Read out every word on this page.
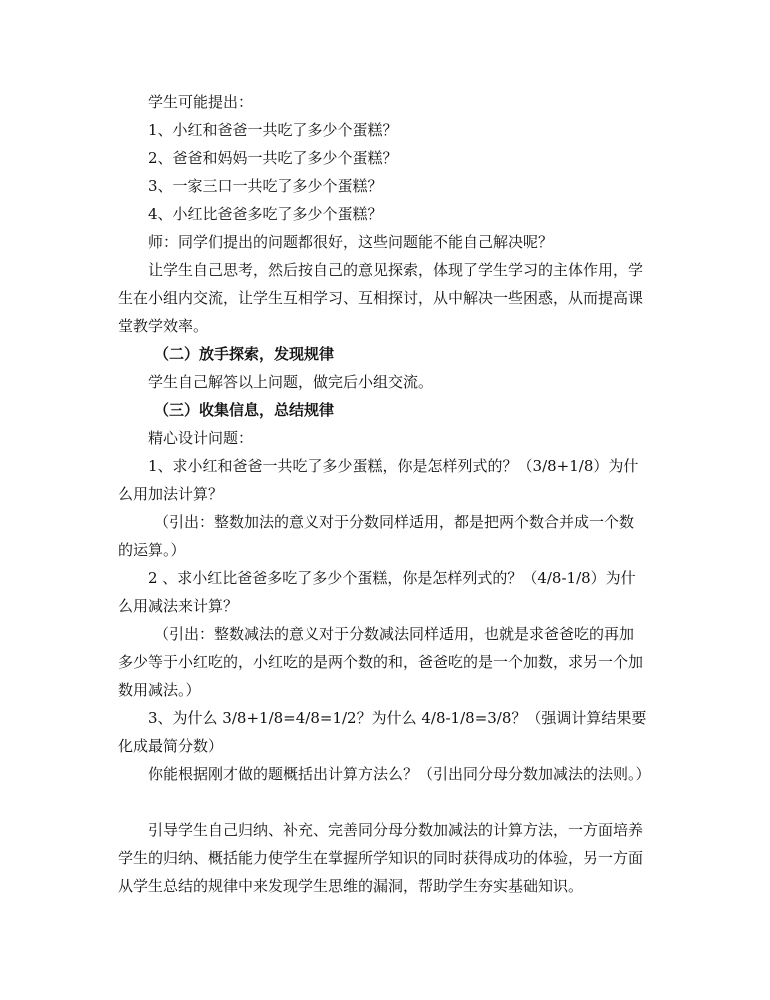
学生可能提出：

1、小红和爸爸一共吃了多少个蛋糕？

2、爸爸和妈妈一共吃了多少个蛋糕？

3、一家三口一共吃了多少个蛋糕？

4、小红比爸爸多吃了多少个蛋糕？

师：同学们提出的问题都很好，这些问题能不能自己解决呢？

让学生自己思考，然后按自己的意见探索，体现了学生学习的主体作用，学生在小组内交流，让学生互相学习、互相探讨，从中解决一些困惑，从而提高课堂教学效率。

（二）放手探索，发现规律

学生自己解答以上问题，做完后小组交流。

（三）收集信息，总结规律

精心设计问题：

1、求小红和爸爸一共吃了多少蛋糕，你是怎样列式的？（3/8+1/8）为什么用加法计算？

（引出：整数加法的意义对于分数同样适用，都是把两个数合并成一个数的运算。）

2 、求小红比爸爸多吃了多少个蛋糕，你是怎样列式的？（4/8-1/8）为什么用减法来计算？

（引出：整数减法的意义对于分数减法同样适用，也就是求爸爸吃的再加多少等于小红吃的，小红吃的是两个数的和，爸爸吃的是一个加数，求另一个加数用减法。）

3、为什么 3/8+1/8=4/8=1/2？为什么 4/8-1/8=3/8？（强调计算结果要化成最简分数）

你能根据刚才做的题概括出计算方法么？（引出同分母分数加减法的法则。）

引导学生自己归纳、补充、完善同分母分数加减法的计算方法，一方面培养学生的归纳、概括能力使学生在掌握所学知识的同时获得成功的体验，另一方面从学生总结的规律中来发现学生思维的漏洞，帮助学生夯实基础知识。
